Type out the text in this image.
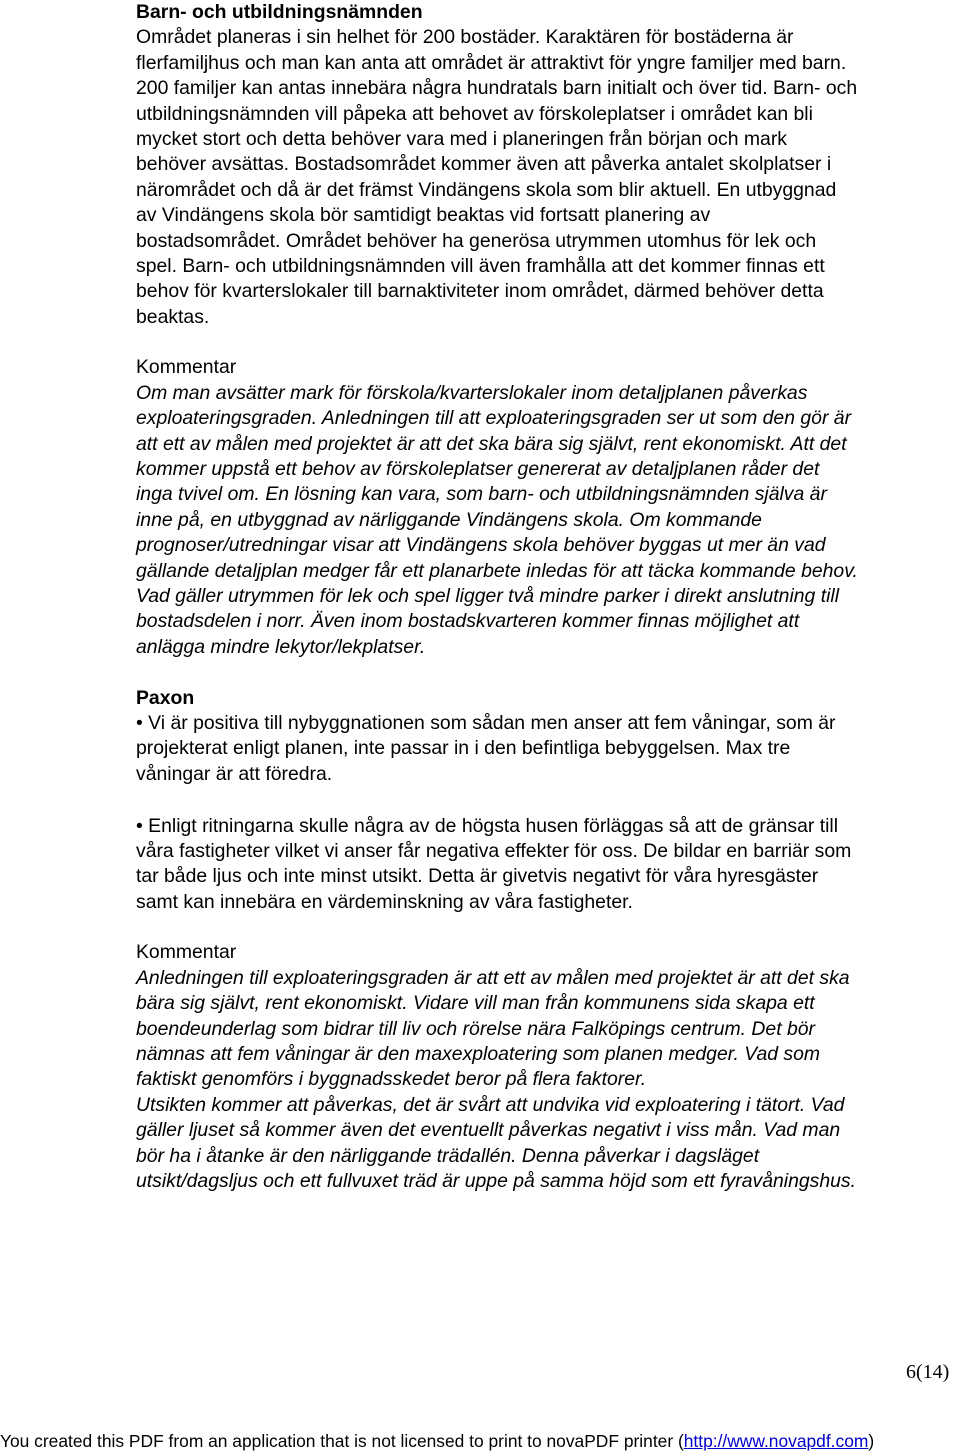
Barn- och utbildningsnämnden
Området planeras i sin helhet för 200 bostäder. Karaktären för bostäderna är
flerfamiljhus och man kan anta att området är attraktivt för yngre familjer med barn.
200 familjer kan antas innebära några hundratals barn initialt och över tid. Barn- och
utbildningsnämnden vill påpeka att behovet av förskoleplatser i området kan bli
mycket stort och detta behöver vara med i planeringen från början och mark
behöver avsättas. Bostadsområdet kommer även att påverka antalet skolplatser i
närområdet och då är det främst Vindängens skola som blir aktuell. En utbyggnad
av Vindängens skola bör samtidigt beaktas vid fortsatt planering av
bostadsområdet. Området behöver ha generösa utrymmen utomhus för lek och
spel. Barn- och utbildningsnämnden vill även framhålla att det kommer finnas ett
behov för kvarterslokaler till barnaktiviteter inom området, därmed behöver detta
beaktas.
Kommentar
Om man avsätter mark för förskola/kvarterslokaler inom detaljplanen påverkas
exploateringsgraden. Anledningen till att exploateringsgraden ser ut som den gör är
att ett av målen med projektet är att det ska bära sig självt, rent ekonomiskt. Att det
kommer uppstå ett behov av förskoleplatser genererat av detaljplanen råder det
inga tvivel om. En lösning kan vara, som barn- och utbildningsnämnden själva är
inne på, en utbyggnad av närliggande Vindängens skola. Om kommande
prognoser/utredningar visar att Vindängens skola behöver byggas ut mer än vad
gällande detaljplan medger får ett planarbete inledas för att täcka kommande behov.
Vad gäller utrymmen för lek och spel ligger två mindre parker i direkt anslutning till
bostadsdelen i norr. Även inom bostadskvarteren kommer finnas möjlighet att
anlägga mindre lekytor/lekplatser.
Paxon
• Vi är positiva till nybyggnationen som sådan men anser att fem våningar, som är
projekterat enligt planen, inte passar in i den befintliga bebyggelsen. Max tre
våningar är att föredra.
• Enligt ritningarna skulle några av de högsta husen förläggas så att de gränsar till
våra fastigheter vilket vi anser får negativa effekter för oss. De bildar en barriär som
tar både ljus och inte minst utsikt. Detta är givetvis negativt för våra hyresgäster
samt kan innebära en värdeminskning av våra fastigheter.
Kommentar
Anledningen till exploateringsgraden är att ett av målen med projektet är att det ska
bära sig självt, rent ekonomiskt. Vidare vill man från kommunens sida skapa ett
boendeunderlag som bidrar till liv och rörelse nära Falköpings centrum. Det bör
nämnas att fem våningar är den maxexploatering som planen medger. Vad som
faktiskt genomförs i byggnadsskedet beror på flera faktorer.
Utsikten kommer att påverkas, det är svårt att undvika vid exploatering i tätort. Vad
gäller ljuset så kommer även det eventuellt påverkas negativt i viss mån. Vad man
bör ha i åtanke är den närliggande trädallén. Denna påverkar i dagsläget
utsikt/dagsljus och ett fullvuxet träd är uppe på samma höjd som ett fyravåningshus.
6(14)
You created this PDF from an application that is not licensed to print to novaPDF printer (http://www.novapdf.com)
